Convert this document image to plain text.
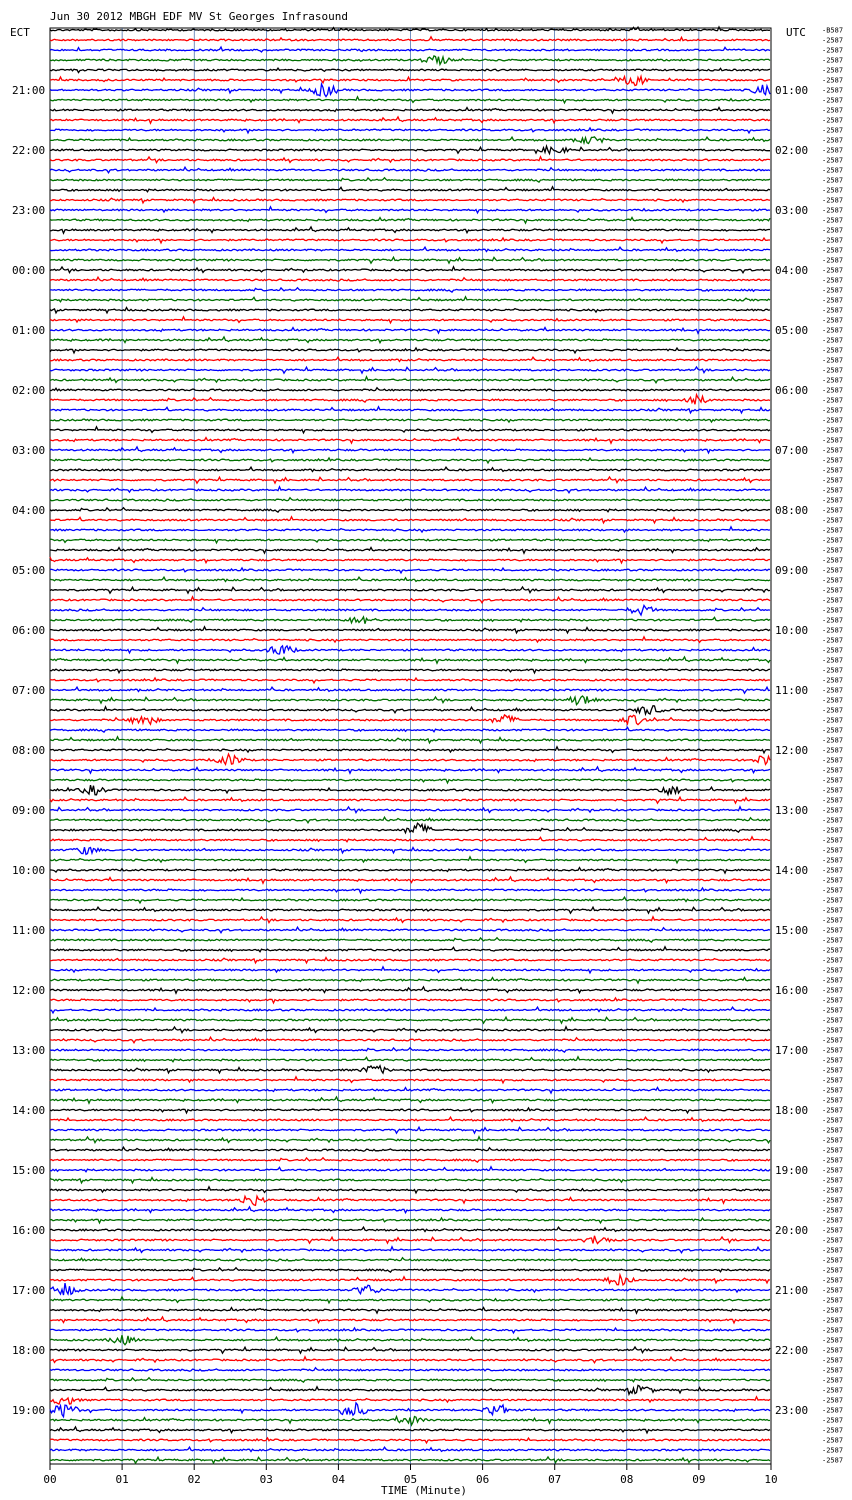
Jun 30 2012 MBGH EDF MV St Georges Infrasound
ECT	UTC
21:00
22:00
23:00
00:00
01:00
02:00
03:00
04:00
05:00
06:00
07:00
08:00
09:00
10:00
11:00
12:00
13:00
14:00
15:00
16:00
17:00
18:00
19:00
01:00
02:00
03:00
04:00
05:00
06:00
07:00
08:00
09:00
10:00
11:00
12:00
13:00
14:00
15:00
16:00
17:00
18:00
19:00
20:00
21:00
22:00
23:00
-B587
-2587
-2587
-2587
-2587
-2587
-2587
-2587
-2587
-2587
-2587
-2587
-2587
-2587
-2587
-2587
-2587
-2587
-2587
-2587
-2587
-2587
-2587
-2587
-2587
-2587
-2587
-2587
-2587
-2587
-2587
-2587
-2587
-2587
-2587
-2587
-2587
-2587
-2587
-2587
-2587
-2587
-2587
-2587
-2587
-2587
-2587
-2587
-2587
-2587
-2587
-2587
-2587
-2587
-2587
-2587
-2587
-2587
-2587
-2587
-2587
-2587
-2587
-2587
-2587
-2587
-2587
-2587
-2587
-2587
-2587
-2587
-2587
-2587
-2587
-2587
-2587
-2587
-2587
-2587
-2587
-2587
-2587
-2587
-2587
-2587
-2587
-2587
-2587
-2587
-2587
-2587
-2587
-2587
-2587
-2587
-2587
-2587
-2587
-2587
-2587
-2587
-2587
-2587
-2587
-2587
-2587
-2587
-2587
-2587
-2587
-2587
-2587
-2587
-2587
-2587
-2587
-2587
-2587
-2587
-2587
-2587
-2587
-2587
-2587
-2587
-2587
-2587
-2587
-2587
-2587
-2587
-2587
-2587
-2587
-2587
-2587
-2587
-2587
-2587
-2587
-2587
-2587
-2587
00	01	02	03	04	05	06	07	08	09	10
TIME (Minute)
